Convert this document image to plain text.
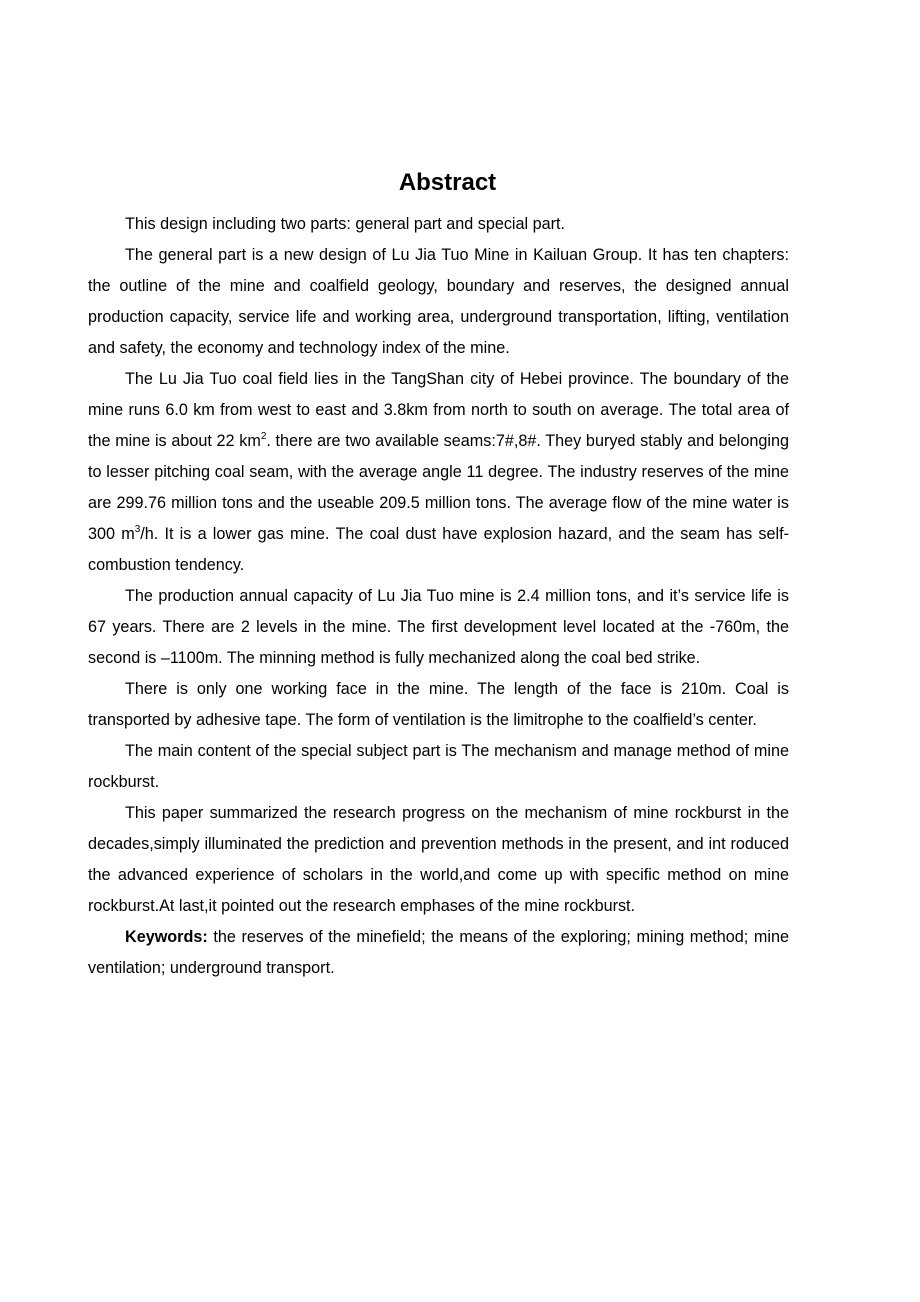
Abstract

This design including two parts: general part and special part.

The general part is a new design of Lu Jia Tuo Mine in Kailuan Group. It has ten chapters: the outline of the mine and coalfield geology, boundary and reserves, the designed annual production capacity, service life and working area, underground transportation, lifting, ventilation and safety, the economy and technology index of the mine.

The Lu Jia Tuo coal field lies in the TangShan city of Hebei province. The boundary of the mine runs 6.0 km from west to east and 3.8km from north to south on average. The total area of the mine is about 22 $km^2$. there are two available seams:7#,8#. They buryed stably and belonging to lesser pitching coal seam, with the average angle 11 degree. The industry reserves of the mine are 299.76 million tons and the useable 209.5 million tons. The average flow of the mine water is 300 $m^3/h$. It is a lower gas mine. The coal dust have explosion hazard, and the seam has self-combustion tendency.

The production annual capacity of Lu Jia Tuo mine is 2.4 million tons, and it’s service life is 67 years. There are 2 levels in the mine. The first development level located at the -760m, the second is –1100m. The minning method is fully mechanized along the coal bed strike.

There is only one working face in the mine. The length of the face is 210m. Coal is transported by adhesive tape. The form of ventilation is the limitrophe to the coalfield’s center.

The main content of the special subject part is The mechanism and manage method of mine rockburst.

This paper summarized the research progress on the mechanism of mine rockburst in the decades,simply illuminated the prediction and prevention methods in the present, and int roduced the advanced experience of scholars in the world,and come up with specific method on mine rockburst.At last,it pointed out the research emphases of the mine rockburst.

Keywords: the reserves of the minefield; the means of the exploring; mining method; mine ventilation; underground transport.
